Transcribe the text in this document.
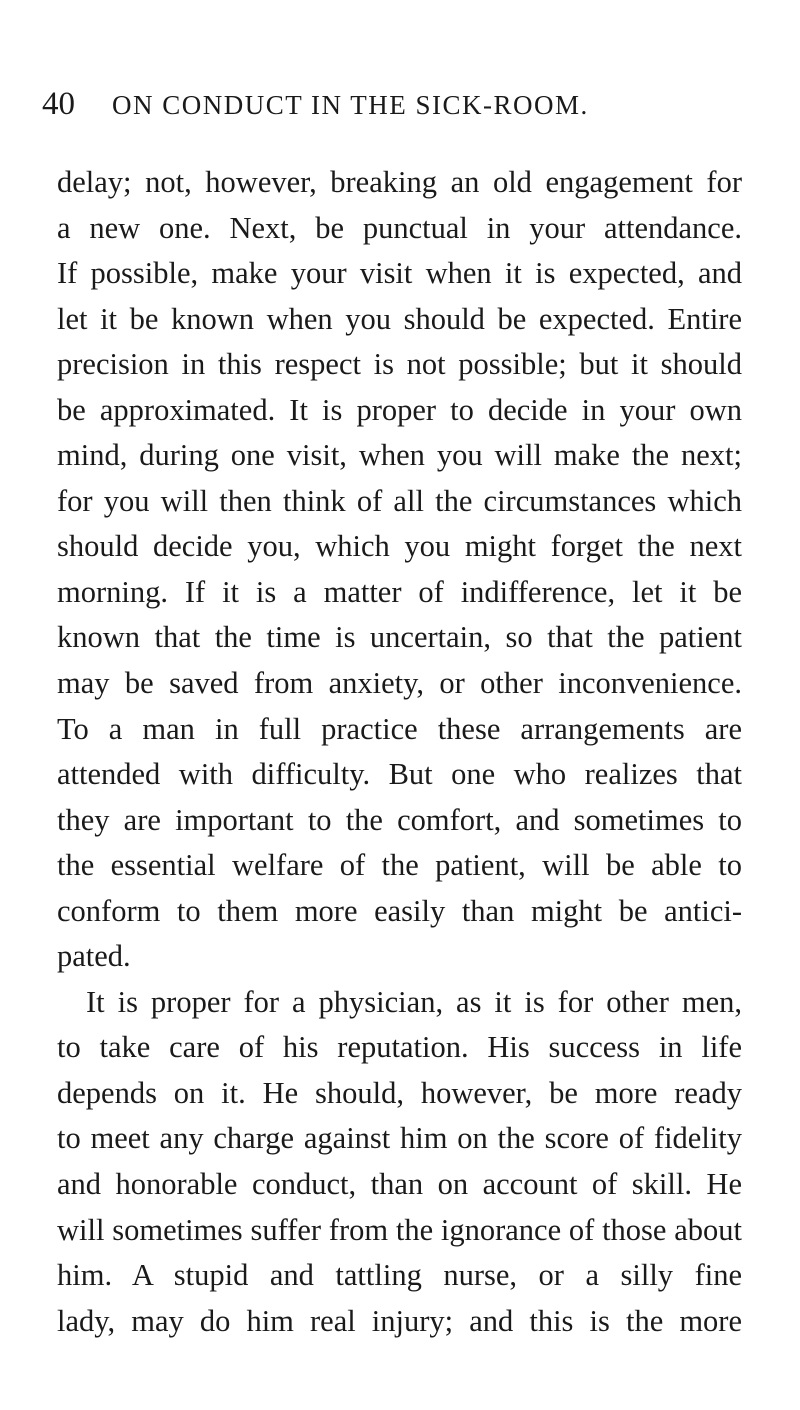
40	ON CONDUCT IN THE SICK-ROOM.
delay; not, however, breaking an old engagement for
a new one. Next, be punctual in your attendance.
If possible, make your visit when it is expected, and
let it be known when you should be expected. Entire
precision in this respect is not possible; but it should
be approximated. It is proper to decide in your own
mind, during one visit, when you will make the next;
for you will then think of all the circumstances which
should decide you, which you might forget the next
morning. If it is a matter of indifference, let it be
known that the time is uncertain, so that the patient
may be saved from anxiety, or other inconvenience.
To a man in full practice these arrangements are
attended with difficulty. But one who realizes that
they are important to the comfort, and sometimes to
the essential welfare of the patient, will be able to
conform to them more easily than might be antici-
pated.
It is proper for a physician, as it is for other men,
to take care of his reputation. His success in life
depends on it. He should, however, be more ready
to meet any charge against him on the score of fidelity
and honorable conduct, than on account of skill. He
will sometimes suffer from the ignorance of those about
him. A stupid and tattling nurse, or a silly fine
lady, may do him real injury; and this is the more
